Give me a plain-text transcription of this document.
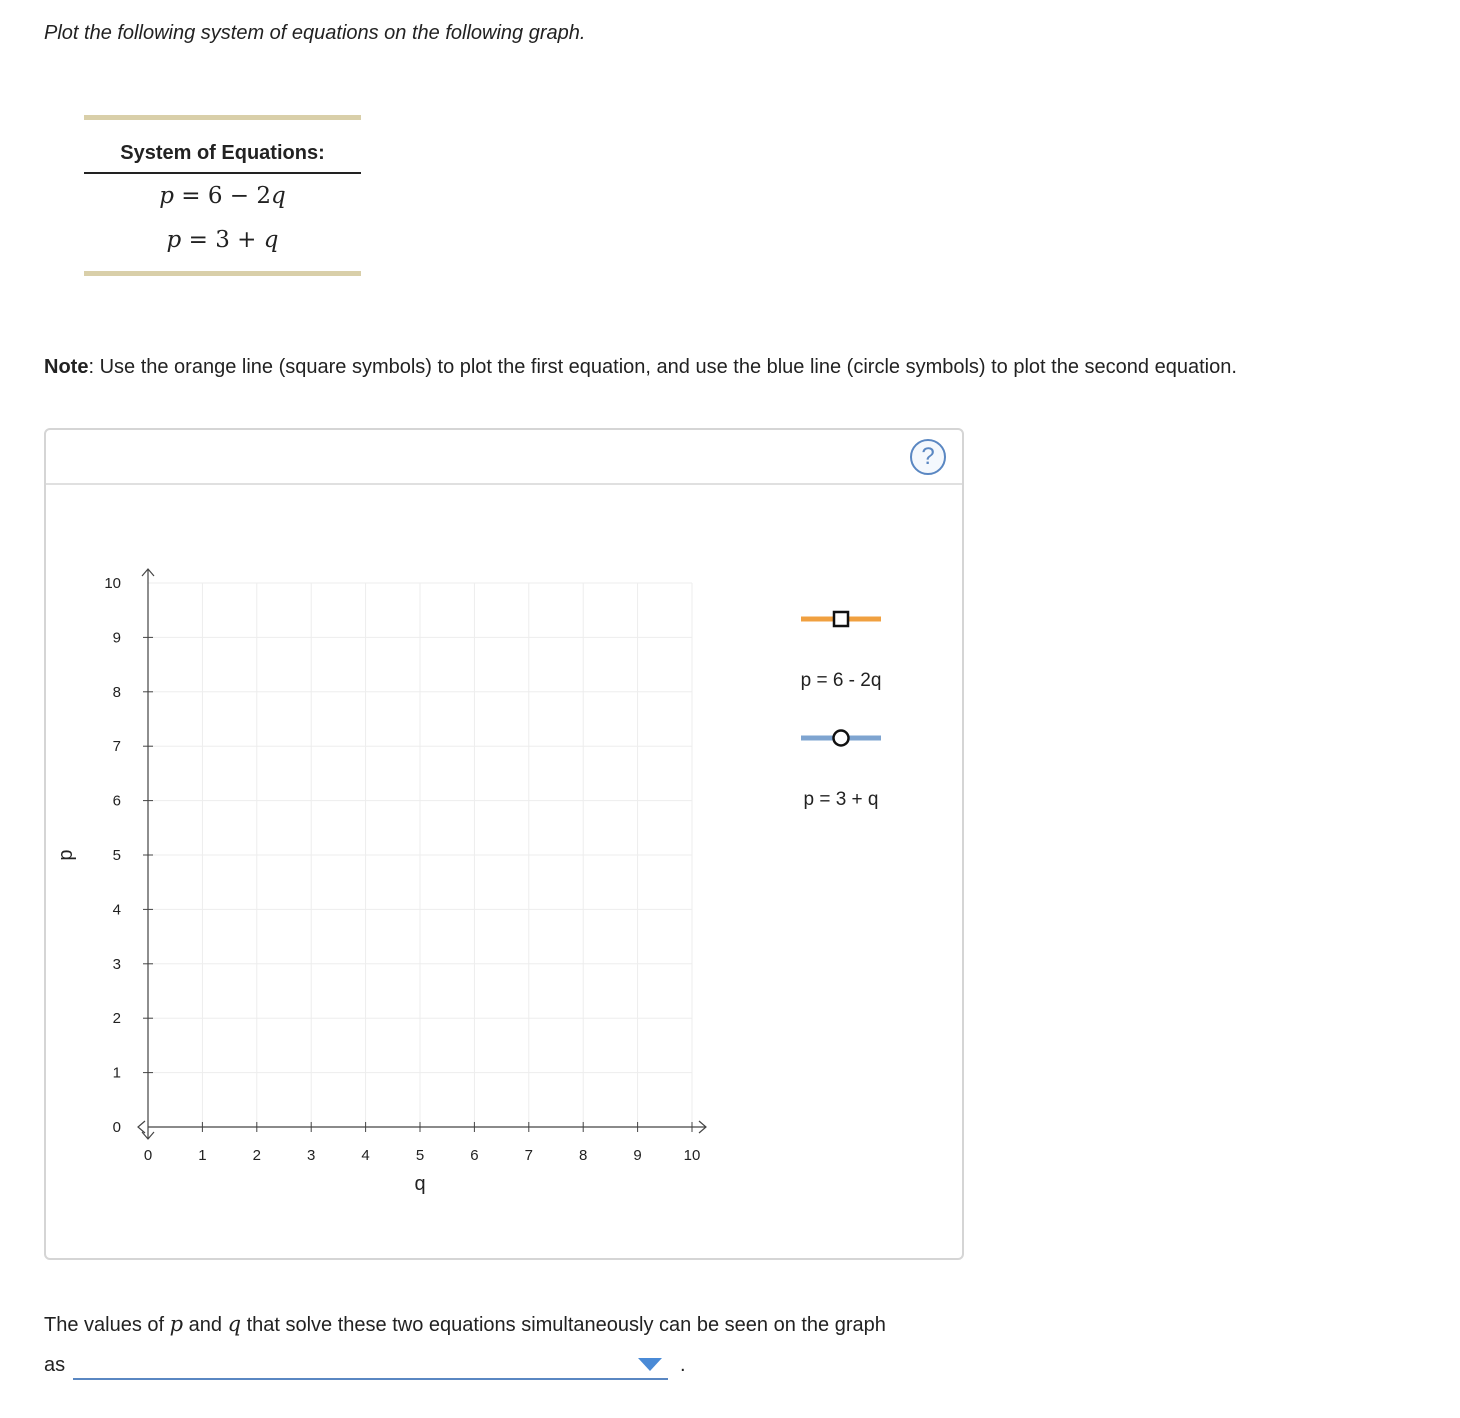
Plot the following system of equations on the following graph.
System of Equations:
p = 6 − 2q
p = 3 + q
Note: Use the orange line (square symbols) to plot the first equation, and use the blue line (circle symbols) to plot the second equation.
?
0	1	2	3	4	5	6	7	8	9	10
0
1
2
3
4
5
6
7
8
9
10
q
p
p = 6 - 2q
p = 3 + q
The values of p and q that solve these two equations simultaneously can be seen on the graph
as	.
